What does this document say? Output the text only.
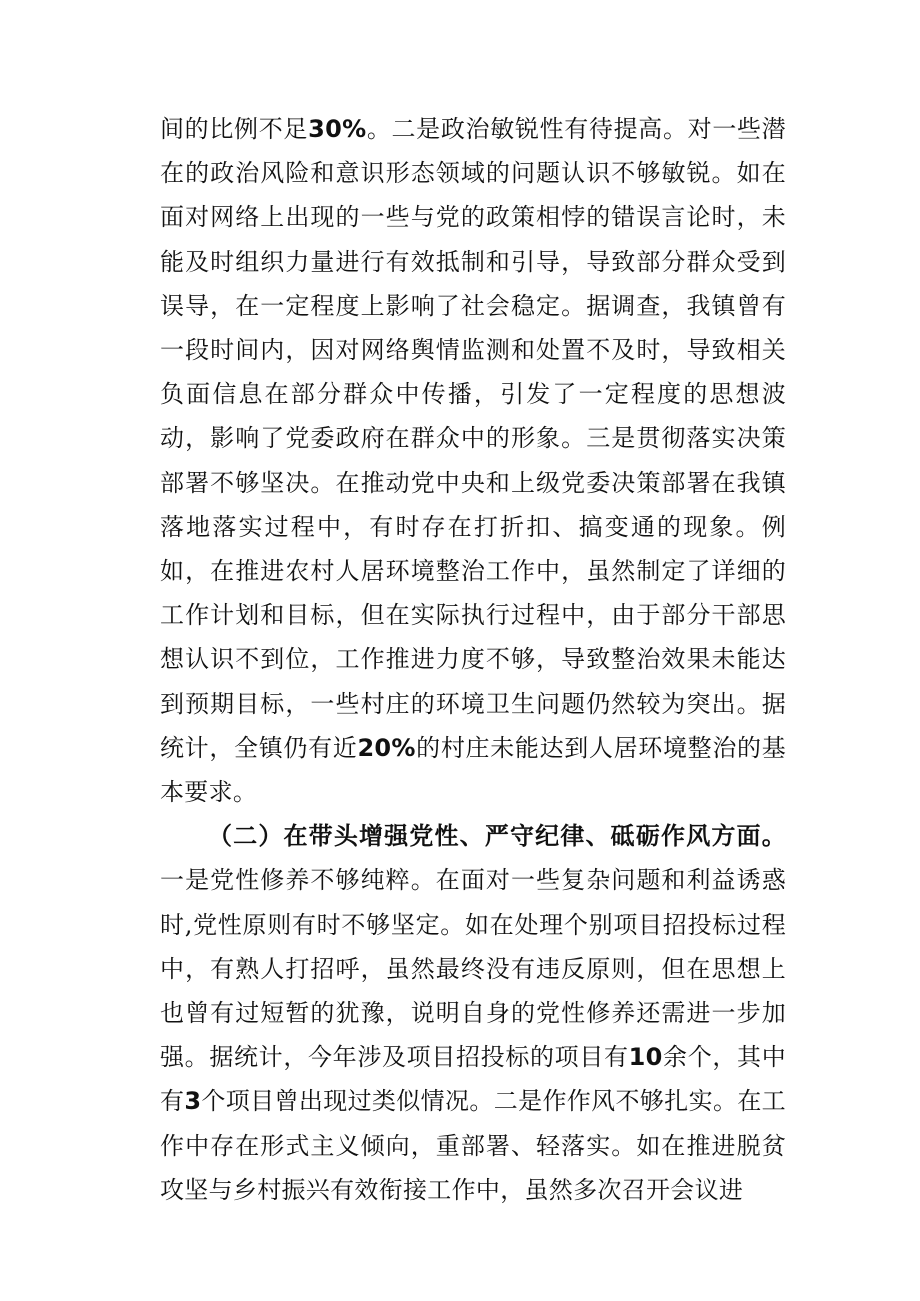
间的比例不足30%。二是政治敏锐性有待提高。对一些潜在的政治风险和意识形态领域的问题认识不够敏锐。如在面对网络上出现的一些与党的政策相悖的错误言论时，未能及时组织力量进行有效抵制和引导，导致部分群众受到误导，在一定程度上影响了社会稳定。据调查，我镇曾有一段时间内，因对网络舆情监测和处置不及时，导致相关负面信息在部分群众中传播，引发了一定程度的思想波动，影响了党委政府在群众中的形象。三是贯彻落实决策部署不够坚决。在推动党中央和上级党委决策部署在我镇落地落实过程中，有时存在打折扣、搞变通的现象。例如，在推进农村人居环境整治工作中，虽然制定了详细的工作计划和目标，但在实际执行过程中，由于部分干部思想认识不到位，工作推进力度不够，导致整治效果未能达到预期目标，一些村庄的环境卫生问题仍然较为突出。据统计，全镇仍有近20%的村庄未能达到人居环境整治的基本要求。

（二）在带头增强党性、严守纪律、砥砺作风方面。一是党性修养不够纯粹。在面对一些复杂问题和利益诱惑时,党性原则有时不够坚定。如在处理个别项目招投标过程中，有熟人打招呼，虽然最终没有违反原则，但在思想上也曾有过短暂的犹豫，说明自身的党性修养还需进一步加强。据统计，今年涉及项目招投标的项目有10余个，其中有3个项目曾出现过类似情况。二是作作风不够扎实。在工作中存在形式主义倾向，重部署、轻落实。如在推进脱贫攻坚与乡村振兴有效衔接工作中，虽然多次召开会议进
